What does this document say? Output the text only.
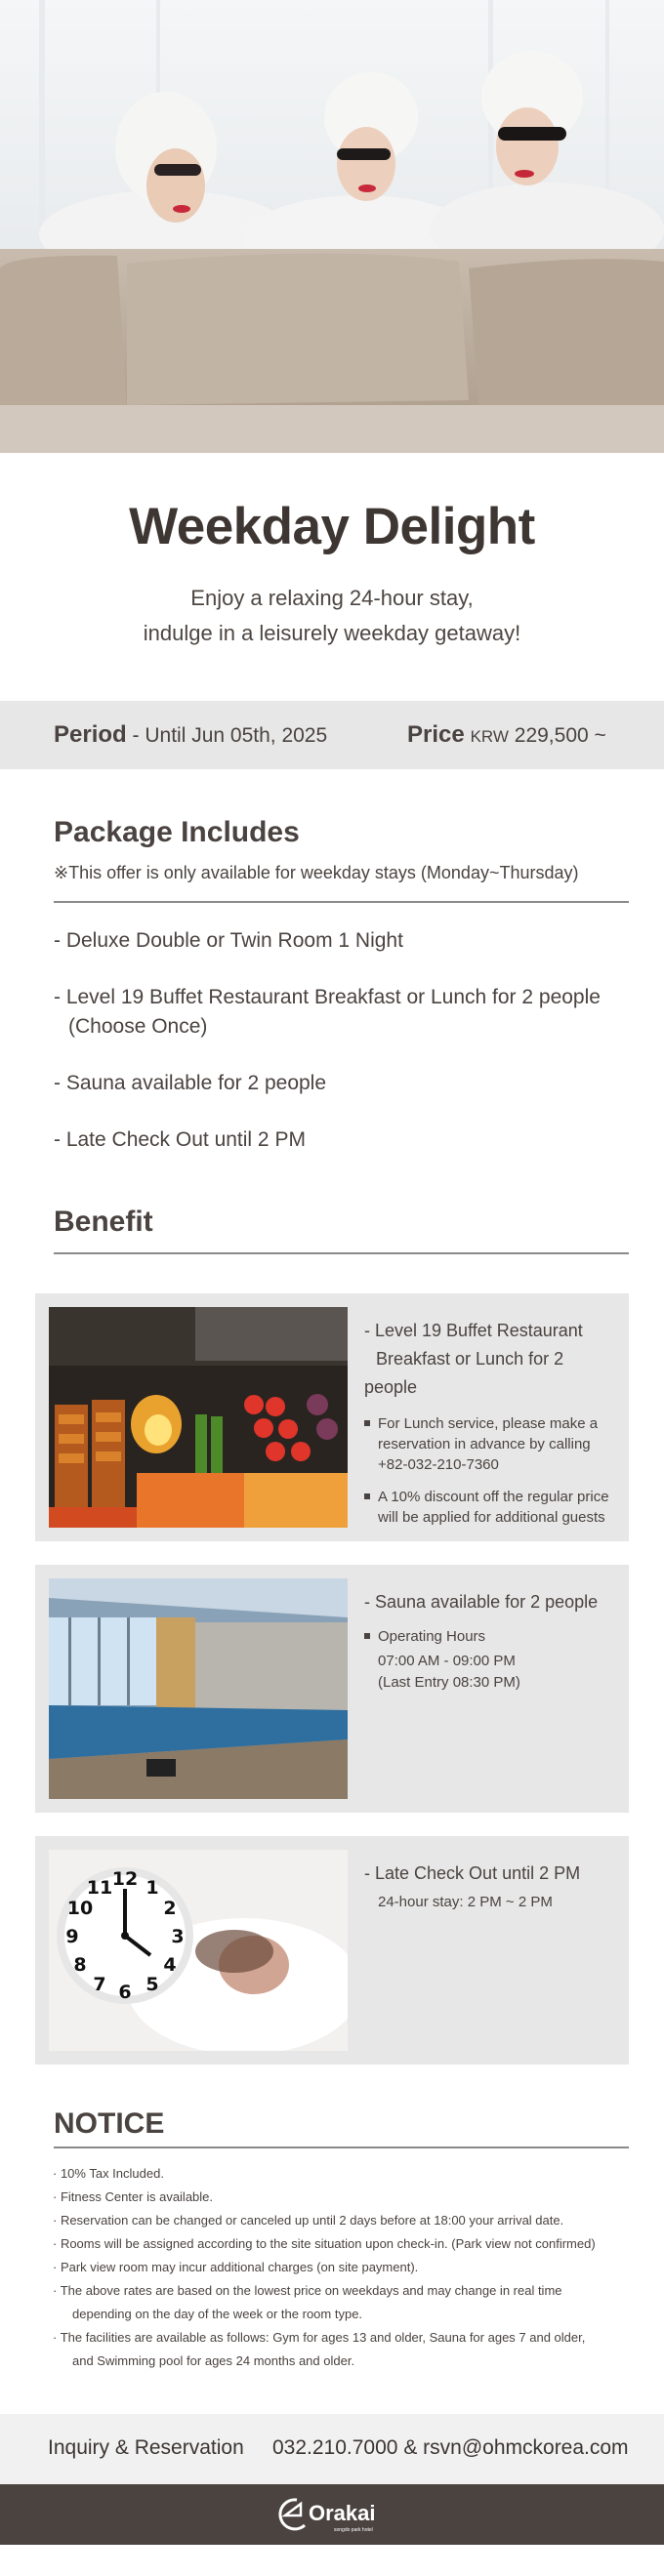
Weekday Delight

Enjoy a relaxing 24-hour stay,
indulge in a leisurely weekday getaway!

Period - Until Jun 05th, 2025	Price KRW 229,500 ~
Package Includes

※This offer is only available for weekday stays (Monday~Thursday)

- Deluxe Double or Twin Room 1 Night
- Level 19 Buffet Restaurant Breakfast or Lunch for 2 people
(Choose Once)
- Sauna available for 2 people
- Late Check Out until 2 PM
Benefit
- Level 19 Buffet Restaurant
Breakfast or Lunch for 2 people
For Lunch service, please make a reservation in advance by calling +82-032-210-7360
A 10% discount off the regular price will be applied for additional guests
- Sauna available for 2 people
Operating Hours
07:00 AM - 09:00 PM
(Last Entry 08:30 PM)
12 1
2
3
4
5
6
7
8
9
10
11
- Late Check Out until 2 PM
24-hour stay: 2 PM ~ 2 PM
NOTICE
· 10% Tax Included.
· Fitness Center is available.
· Reservation can be changed or canceled up until 2 days before at 18:00 your arrival date.
· Rooms will be assigned according to the site situation upon check-in. (Park view not confirmed)
· Park view room may incur additional charges (on site payment).
· The above rates are based on the lowest price on weekdays and may change in real time
depending on the day of the week or the room type.
· The facilities are available as follows: Gym for ages 13 and older, Sauna for ages 7 and older,
and Swimming pool for ages 24 months and older.
Inquiry & Reservation 032.210.7000 & rsvn@ohmckorea.com
Orakai
songdo park hotel
